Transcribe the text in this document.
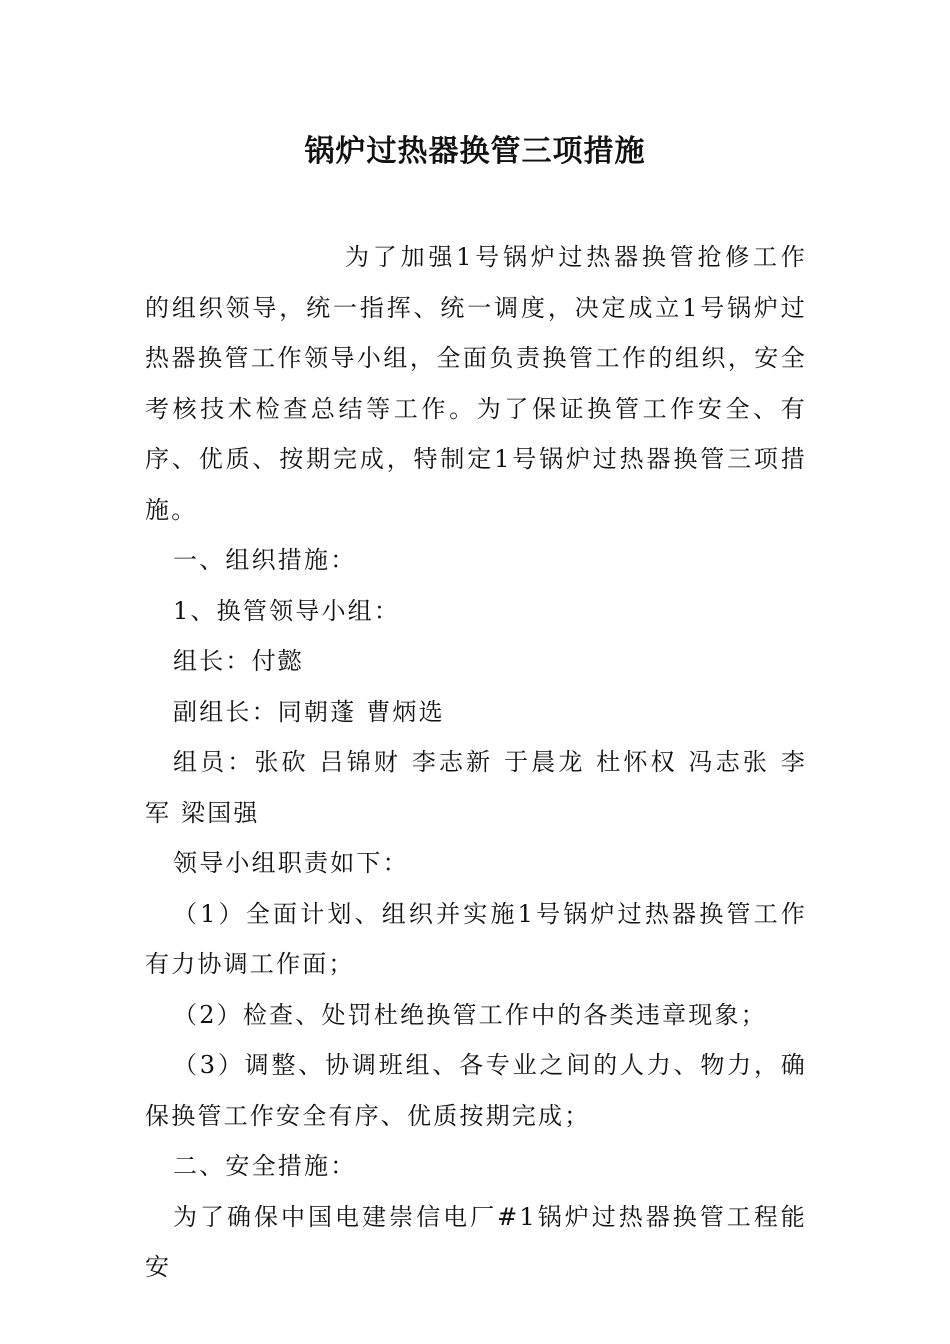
锅炉过热器换管三项措施

为了加强1号锅炉过热器换管抢修工作的组织领导，统一指挥、统一调度，决定成立1号锅炉过热器换管工作领导小组，全面负责换管工作的组织，安全考核技术检查总结等工作。为了保证换管工作安全、有序、优质、按期完成，特制定1号锅炉过热器换管三项措施。

一、组织措施：

1、换管领导小组：

组长：付懿

副组长：同朝蓬 曹炳选

组员：张砍 吕锦财 李志新 于晨龙 杜怀权 冯志张 李军 梁国强

领导小组职责如下：

（1）全面计划、组织并实施1号锅炉过热器换管工作有力协调工作面；

（2）检查、处罚杜绝换管工作中的各类违章现象；

（3）调整、协调班组、各专业之间的人力、物力，确保换管工作安全有序、优质按期完成；

二、安全措施：

为了确保中国电建崇信电厂#1锅炉过热器换管工程能安
